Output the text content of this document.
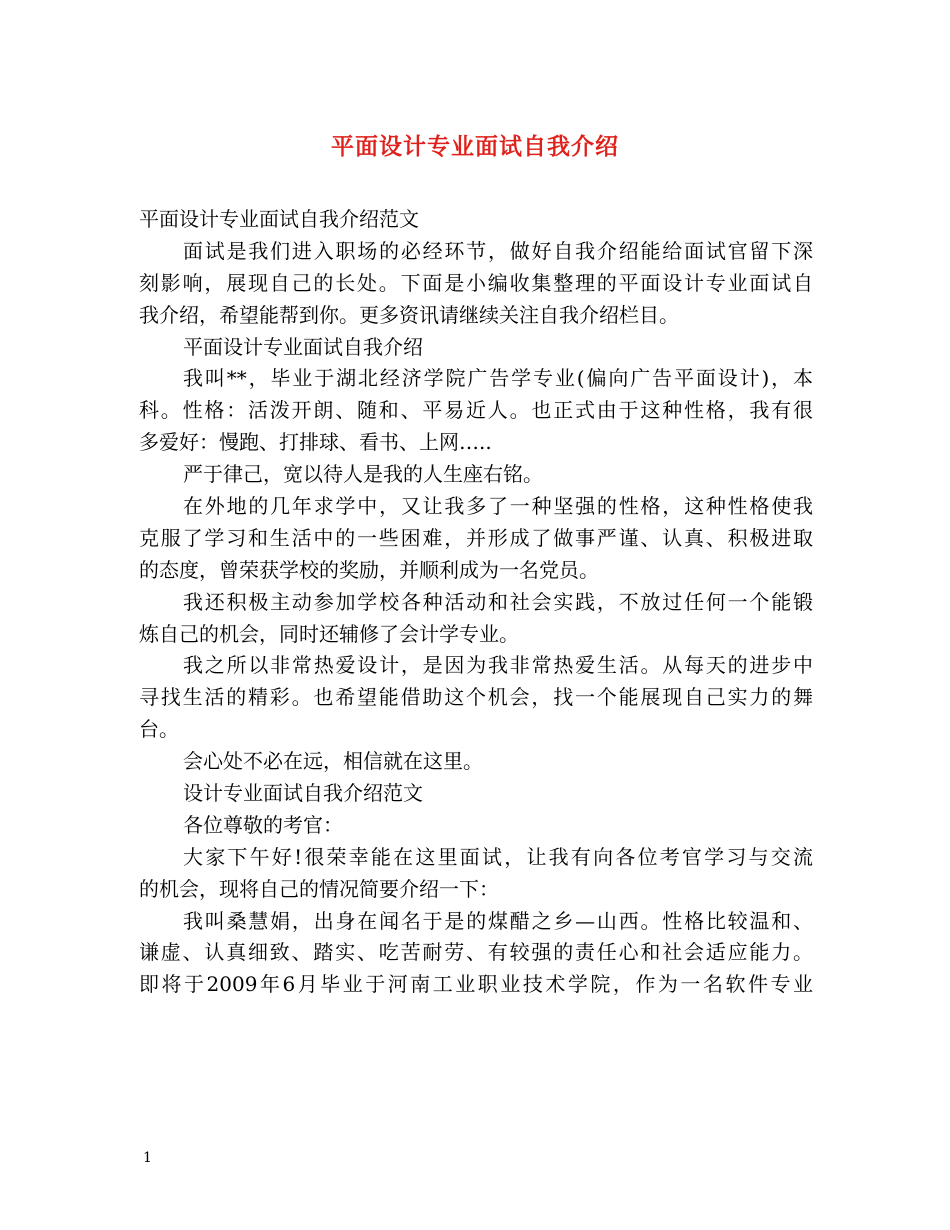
平面设计专业面试自我介绍
平面设计专业面试自我介绍范文
面试是我们进入职场的必经环节，做好自我介绍能给面试官留下深
刻影响，展现自己的长处。下面是小编收集整理的平面设计专业面试自
我介绍，希望能帮到你。更多资讯请继续关注自我介绍栏目。
平面设计专业面试自我介绍
我叫**，毕业于湖北经济学院广告学专业(偏向广告平面设计)，本
科。性格：活泼开朗、随和、平易近人。也正式由于这种性格，我有很
多爱好：慢跑、打排球、看书、上网…..
严于律己，宽以待人是我的人生座右铭。
在外地的几年求学中，又让我多了一种坚强的性格，这种性格使我
克服了学习和生活中的一些困难，并形成了做事严谨、认真、积极进取
的态度，曾荣获学校的奖励，并顺利成为一名党员。
我还积极主动参加学校各种活动和社会实践，不放过任何一个能锻
炼自己的机会，同时还辅修了会计学专业。
我之所以非常热爱设计，是因为我非常热爱生活。从每天的进步中
寻找生活的精彩。也希望能借助这个机会，找一个能展现自己实力的舞
台。
会心处不必在远，相信就在这里。
设计专业面试自我介绍范文
各位尊敬的考官：
大家下午好!很荣幸能在这里面试，让我有向各位考官学习与交流
的机会，现将自己的情况简要介绍一下：
我叫桑慧娟，出身在闻名于是的煤醋之乡—山西。性格比较温和、
谦虚、认真细致、踏实、吃苦耐劳、有较强的责任心和社会适应能力。
即将于2009年6月毕业于河南工业职业技术学院，作为一名软件专业
1
